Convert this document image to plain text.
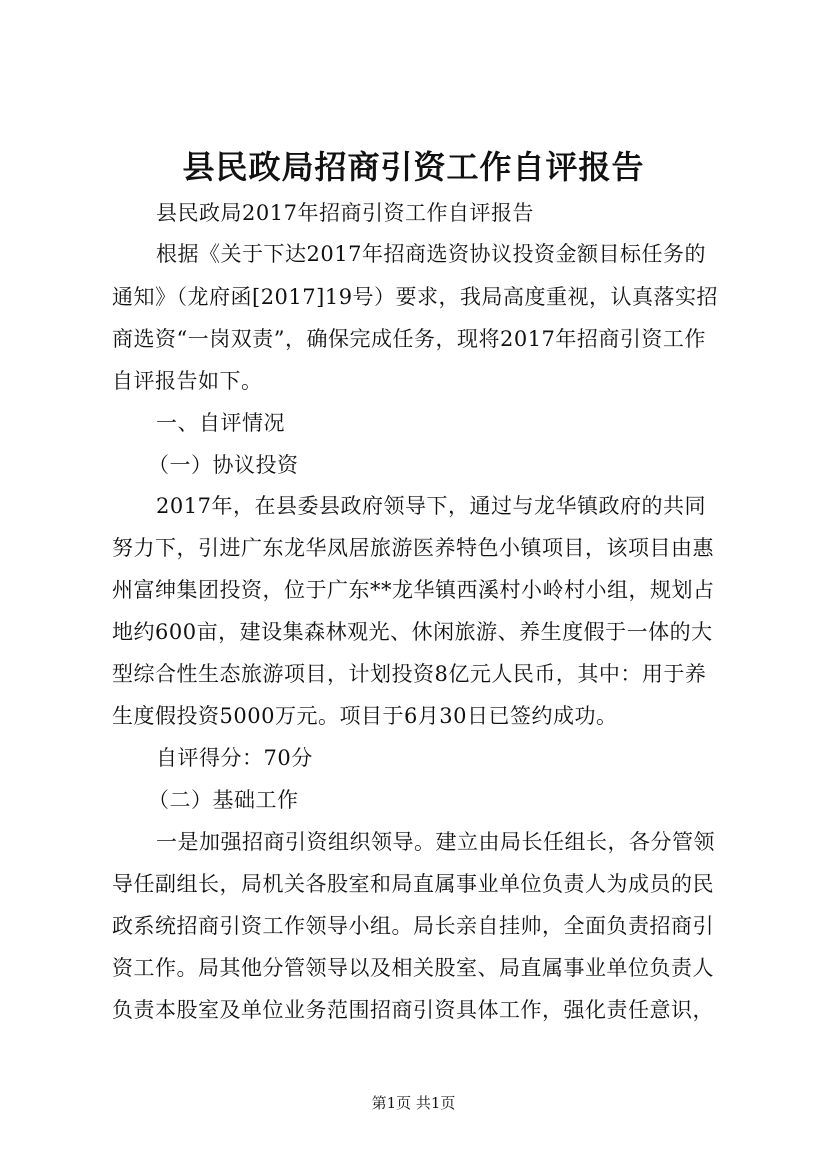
县民政局招商引资工作自评报告
县民政局2017年招商引资工作自评报告
根据《关于下达2017年招商选资协议投资金额目标任务的
通知》（龙府函[2017]19号）要求，我局高度重视，认真落实招
商选资“一岗双责”，确保完成任务，现将2017年招商引资工作
自评报告如下。
一、自评情况
（一）协议投资
2017年，在县委县政府领导下，通过与龙华镇政府的共同
努力下，引进广东龙华凤居旅游医养特色小镇项目，该项目由惠
州富绅集团投资，位于广东**龙华镇西溪村小岭村小组，规划占
地约600亩，建设集森林观光、休闲旅游、养生度假于一体的大
型综合性生态旅游项目，计划投资8亿元人民币，其中：用于养
生度假投资5000万元。项目于6月30日已签约成功。
自评得分：70分
（二）基础工作
一是加强招商引资组织领导。建立由局长任组长，各分管领
导任副组长，局机关各股室和局直属事业单位负责人为成员的民
政系统招商引资工作领导小组。局长亲自挂帅，全面负责招商引
资工作。局其他分管领导以及相关股室、局直属事业单位负责人
负责本股室及单位业务范围招商引资具体工作，强化责任意识，
第1页 共1页
